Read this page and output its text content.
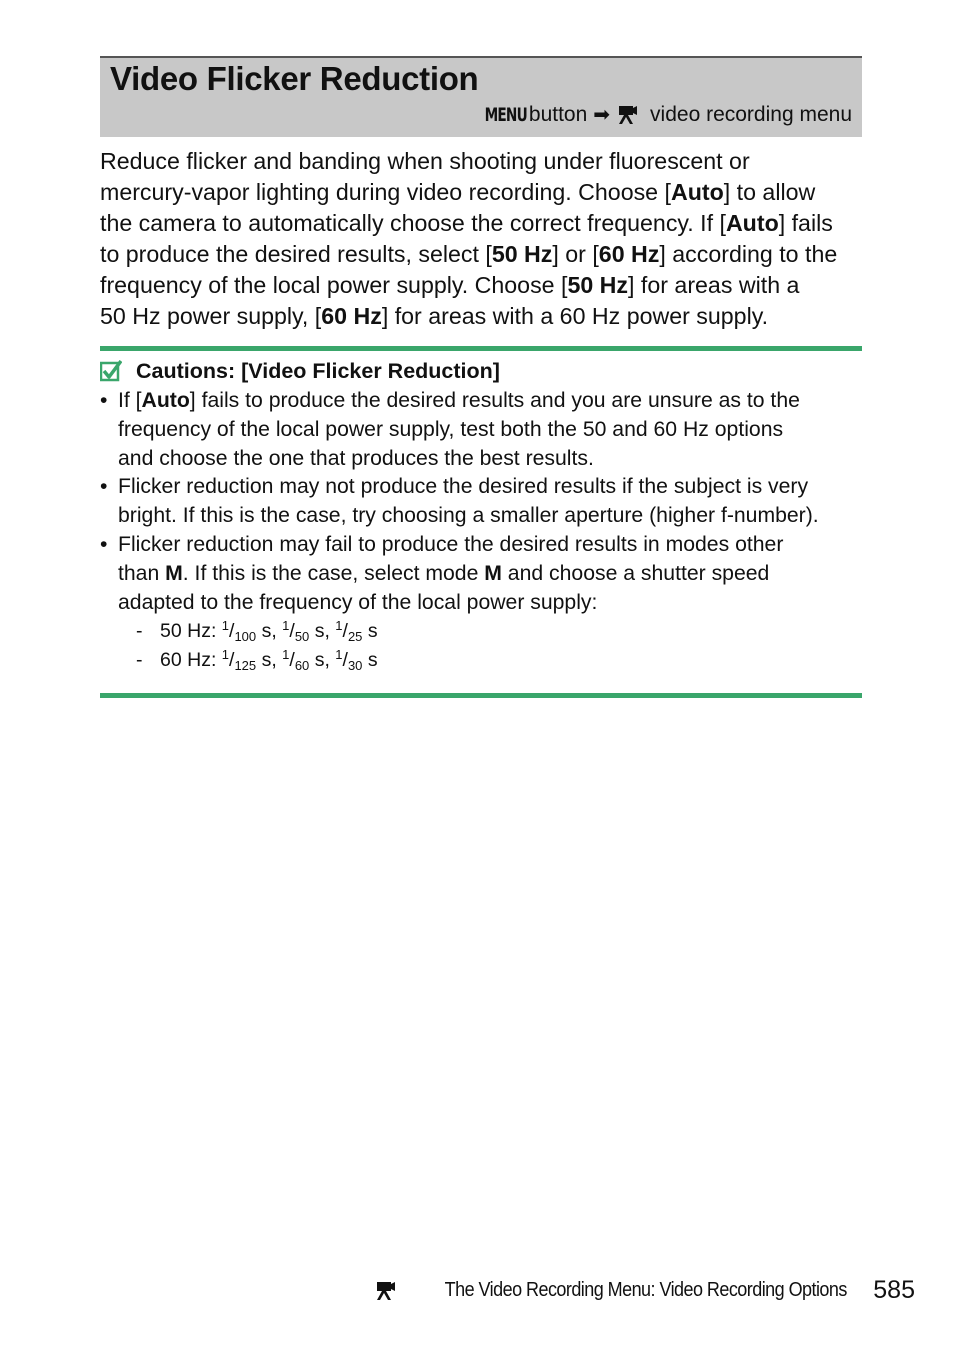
Video Flicker Reduction
MENU button ➡ video recording menu

Reduce flicker and banding when shooting under fluorescent or

mercury-vapor lighting during video recording. Choose [Auto] to allow

the camera to automatically choose the correct frequency. If [Auto] fails

to produce the desired results, select [50 Hz] or [60 Hz] according to the

frequency of the local power supply. Choose [50 Hz] for areas with a

50 Hz power supply, [60 Hz] for areas with a 60 Hz power supply.

Cautions: [Video Flicker Reduction]
• If [Auto] fails to produce the desired results and you are unsure as to the
frequency of the local power supply, test both the 50 and 60 Hz options
and choose the one that produces the best results.
• Flicker reduction may not produce the desired results if the subject is very
bright. If this is the case, try choosing a smaller aperture (higher f-number).
• Flicker reduction may fail to produce the desired results in modes other
than M. If this is the case, select mode M and choose a shutter speed
adapted to the frequency of the local power supply:
- 50 Hz: $^1/_{100}$ s, $^1/_{50}$ s, $^1/_{25}$ s
- 60 Hz: $^1/_{125}$ s, $^1/_{60}$ s, $^1/_{30}$ s
The Video Recording Menu: Video Recording Options 585
